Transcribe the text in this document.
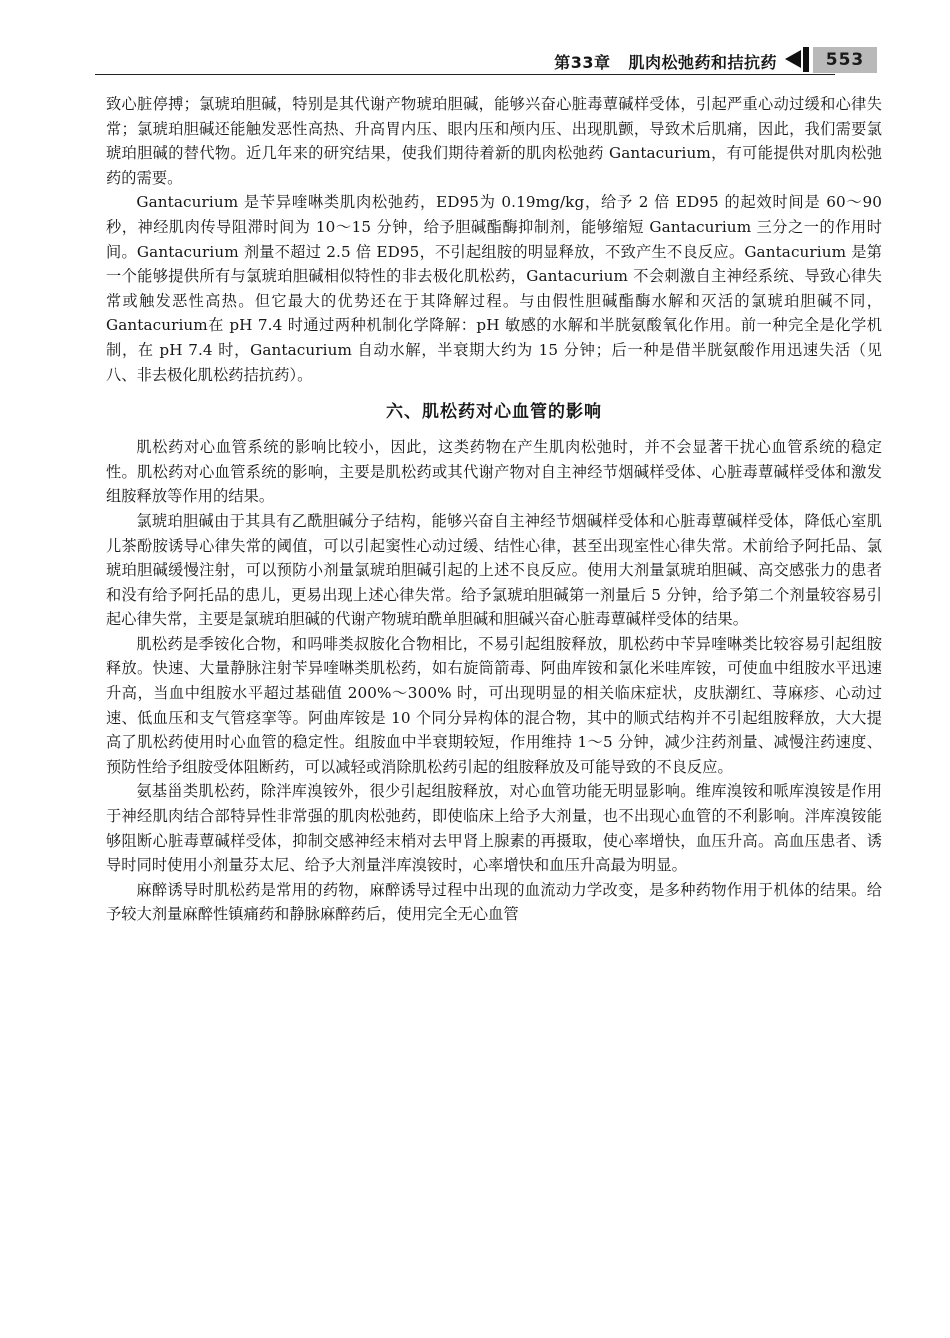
第33章 肌肉松弛药和拮抗药	553

致心脏停搏；氯琥珀胆碱，特别是其代谢产物琥珀胆碱，能够兴奋心脏毒蕈碱样受体，引起严重心动过缓和心律失常；氯琥珀胆碱还能触发恶性高热、升高胃内压、眼内压和颅内压、出现肌颤，导致术后肌痛，因此，我们需要氯琥珀胆碱的替代物。近几年来的研究结果，使我们期待着新的肌肉松弛药 Gantacurium，有可能提供对肌肉松弛药的需要。

Gantacurium 是苄异喹啉类肌肉松弛药，ED95为 0.19mg/kg，给予 2 倍 ED95 的起效时间是 60～90 秒，神经肌肉传导阻滞时间为 10～15 分钟，给予胆碱酯酶抑制剂，能够缩短 Gantacurium 三分之一的作用时间。Gantacurium 剂量不超过 2.5 倍 ED95，不引起组胺的明显释放，不致产生不良反应。Gantacurium 是第一个能够提供所有与氯琥珀胆碱相似特性的非去极化肌松药，Gantacurium 不会刺激自主神经系统、导致心律失常或触发恶性高热。但它最大的优势还在于其降解过程。与由假性胆碱酯酶水解和灭活的氯琥珀胆碱不同，Gantacurium在 pH 7.4 时通过两种机制化学降解：pH 敏感的水解和半胱氨酸氧化作用。前一种完全是化学机制，在 pH 7.4 时，Gantacurium 自动水解，半衰期大约为 15 分钟；后一种是借半胱氨酸作用迅速失活（见八、非去极化肌松药拮抗药）。

六、肌松药对心血管的影响

肌松药对心血管系统的影响比较小，因此，这类药物在产生肌肉松弛时，并不会显著干扰心血管系统的稳定性。肌松药对心血管系统的影响，主要是肌松药或其代谢产物对自主神经节烟碱样受体、心脏毒蕈碱样受体和激发组胺释放等作用的结果。

氯琥珀胆碱由于其具有乙酰胆碱分子结构，能够兴奋自主神经节烟碱样受体和心脏毒蕈碱样受体，降低心室肌儿茶酚胺诱导心律失常的阈值，可以引起窦性心动过缓、结性心律，甚至出现室性心律失常。术前给予阿托品、氯琥珀胆碱缓慢注射，可以预防小剂量氯琥珀胆碱引起的上述不良反应。使用大剂量氯琥珀胆碱、高交感张力的患者和没有给予阿托品的患儿，更易出现上述心律失常。给予氯琥珀胆碱第一剂量后 5 分钟，给予第二个剂量较容易引起心律失常，主要是氯琥珀胆碱的代谢产物琥珀酰单胆碱和胆碱兴奋心脏毒蕈碱样受体的结果。

肌松药是季铵化合物，和吗啡类叔胺化合物相比，不易引起组胺释放，肌松药中苄异喹啉类比较容易引起组胺释放。快速、大量静脉注射苄异喹啉类肌松药，如右旋筒箭毒、阿曲库铵和氯化米哇库铵，可使血中组胺水平迅速升高，当血中组胺水平超过基础值 200%～300% 时，可出现明显的相关临床症状，皮肤潮红、荨麻疹、心动过速、低血压和支气管痉挛等。阿曲库铵是 10 个同分异构体的混合物，其中的顺式结构并不引起组胺释放，大大提高了肌松药使用时心血管的稳定性。组胺血中半衰期较短，作用维持 1～5 分钟，减少注药剂量、减慢注药速度、预防性给予组胺受体阻断药，可以减轻或消除肌松药引起的组胺释放及可能导致的不良反应。

氨基甾类肌松药，除泮库溴铵外，很少引起组胺释放，对心血管功能无明显影响。维库溴铵和哌库溴铵是作用于神经肌肉结合部特异性非常强的肌肉松弛药，即使临床上给予大剂量，也不出现心血管的不利影响。泮库溴铵能够阻断心脏毒蕈碱样受体，抑制交感神经末梢对去甲肾上腺素的再摄取，使心率增快，血压升高。高血压患者、诱导时同时使用小剂量芬太尼、给予大剂量泮库溴铵时，心率增快和血压升高最为明显。

麻醉诱导时肌松药是常用的药物，麻醉诱导过程中出现的血流动力学改变，是多种药物作用于机体的结果。给予较大剂量麻醉性镇痛药和静脉麻醉药后，使用完全无心血管
